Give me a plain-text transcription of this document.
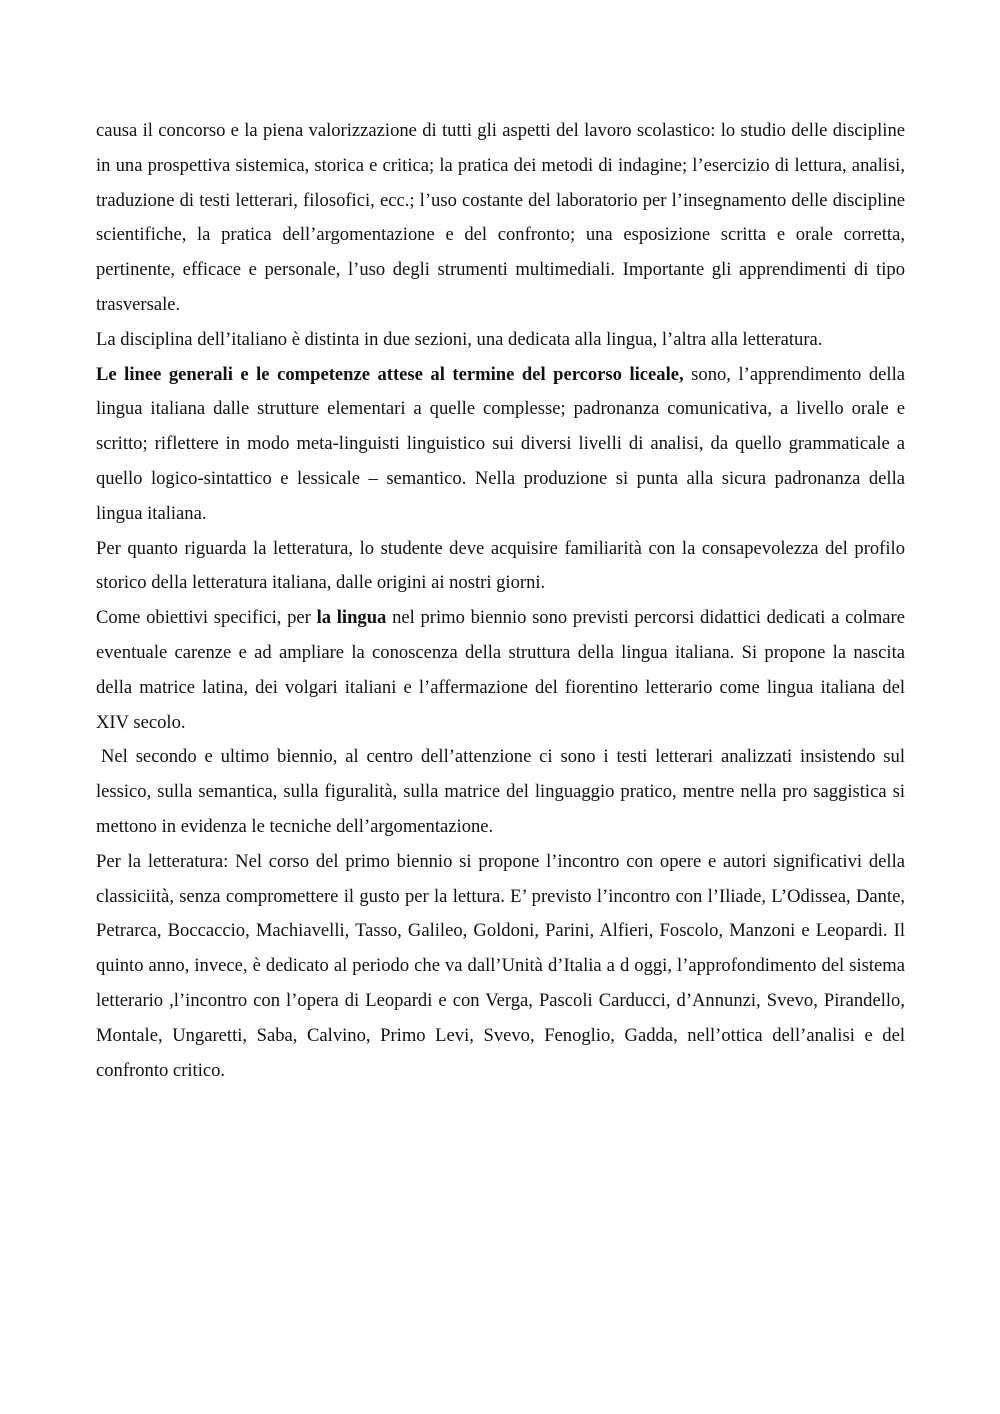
causa il concorso e la piena valorizzazione di tutti gli aspetti del lavoro scolastico: lo studio delle discipline in una prospettiva sistemica, storica e critica; la pratica dei metodi di indagine; l’esercizio di lettura, analisi, traduzione di testi letterari, filosofici, ecc.; l’uso costante del laboratorio per l’insegnamento delle discipline scientifiche, la pratica dell’argomentazione e del confronto; una esposizione scritta e orale corretta, pertinente, efficace e personale, l’uso degli strumenti multimediali. Importante gli apprendimenti di tipo trasversale.

La disciplina dell’italiano è distinta in due sezioni, una dedicata alla lingua, l’altra alla letteratura.

Le linee generali e le competenze attese al termine del percorso liceale, sono, l’apprendimento della lingua italiana dalle strutture elementari a quelle complesse; padronanza comunicativa, a livello orale e scritto; riflettere in modo meta-linguisti linguistico sui diversi livelli di analisi, da quello grammaticale a quello logico-sintattico e lessicale – semantico. Nella produzione si punta alla sicura padronanza della lingua italiana.

Per quanto riguarda la letteratura, lo studente deve acquisire familiarità con la consapevolezza del profilo storico della letteratura italiana, dalle origini ai nostri giorni.

Come obiettivi specifici, per la lingua nel primo biennio sono previsti percorsi didattici dedicati a colmare eventuale carenze e ad ampliare la conoscenza della struttura della lingua italiana. Si propone la nascita della matrice latina, dei volgari italiani e l’affermazione del fiorentino letterario come lingua italiana del XIV secolo.

Nel secondo e ultimo biennio, al centro dell’attenzione ci sono i testi letterari analizzati insistendo sul lessico, sulla semantica, sulla figuralità, sulla matrice del linguaggio pratico, mentre nella pro saggistica si mettono in evidenza le tecniche dell’argomentazione.

Per la letteratura: Nel corso del primo biennio si propone l’incontro con opere e autori significativi della classiciità, senza compromettere il gusto per la lettura. E’ previsto l’incontro con l’Iliade, L’Odissea, Dante, Petrarca, Boccaccio, Machiavelli, Tasso, Galileo, Goldoni, Parini, Alfieri, Foscolo, Manzoni e Leopardi. Il quinto anno, invece, è dedicato al periodo che va dall’Unità d’Italia a d oggi, l’approfondimento del sistema letterario ,l’incontro con l’opera di Leopardi e con Verga, Pascoli Carducci, d’Annunzi, Svevo, Pirandello, Montale, Ungaretti, Saba, Calvino, Primo Levi, Svevo, Fenoglio, Gadda, nell’ottica dell’analisi e del confronto critico.
